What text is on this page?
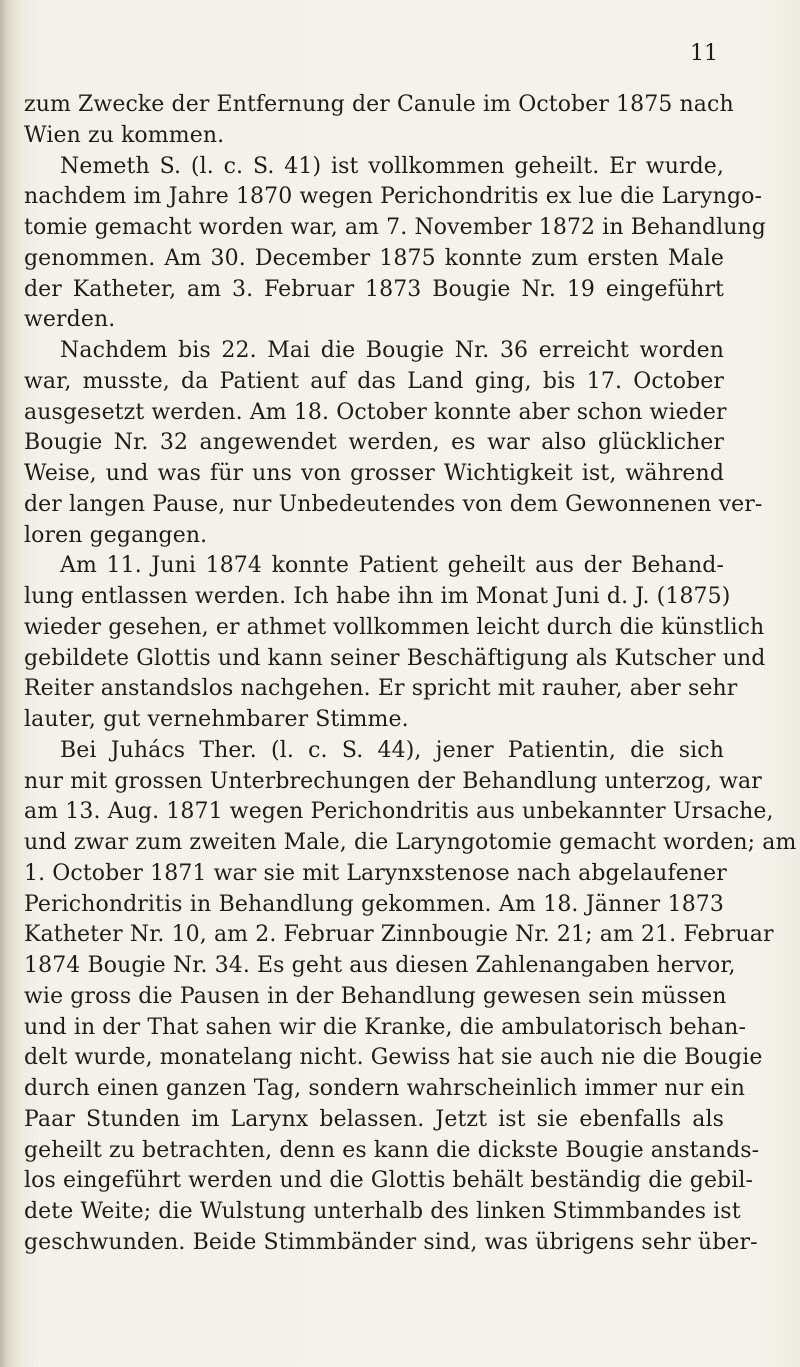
11
zum Zwecke der Entfernung der Canule im October 1875 nach
Wien zu kommen.
Nemeth S. (l. c. S. 41) ist vollkommen geheilt. Er wurde,
nachdem im Jahre 1870 wegen Perichondritis ex lue die Laryngo-
tomie gemacht worden war, am 7. November 1872 in Behandlung
genommen. Am 30. December 1875 konnte zum ersten Male
der Katheter, am 3. Februar 1873 Bougie Nr. 19 eingeführt
werden.
Nachdem bis 22. Mai die Bougie Nr. 36 erreicht worden
war, musste, da Patient auf das Land ging, bis 17. October
ausgesetzt werden. Am 18. October konnte aber schon wieder
Bougie Nr. 32 angewendet werden, es war also glücklicher
Weise, und was für uns von grosser Wichtigkeit ist, während
der langen Pause, nur Unbedeutendes von dem Gewonnenen ver-
loren gegangen.
Am 11. Juni 1874 konnte Patient geheilt aus der Behand-
lung entlassen werden. Ich habe ihn im Monat Juni d. J. (1875)
wieder gesehen, er athmet vollkommen leicht durch die künstlich
gebildete Glottis und kann seiner Beschäftigung als Kutscher und
Reiter anstandslos nachgehen. Er spricht mit rauher, aber sehr
lauter, gut vernehmbarer Stimme.
Bei Juhács Ther. (l. c. S. 44), jener Patientin, die sich
nur mit grossen Unterbrechungen der Behandlung unterzog, war
am 13. Aug. 1871 wegen Perichondritis aus unbekannter Ursache,
und zwar zum zweiten Male, die Laryngotomie gemacht worden; am
1. October 1871 war sie mit Larynxstenose nach abgelaufener
Perichondritis in Behandlung gekommen. Am 18. Jänner 1873
Katheter Nr. 10, am 2. Februar Zinnbougie Nr. 21; am 21. Februar
1874 Bougie Nr. 34. Es geht aus diesen Zahlenangaben hervor,
wie gross die Pausen in der Behandlung gewesen sein müssen
und in der That sahen wir die Kranke, die ambulatorisch behan-
delt wurde, monatelang nicht. Gewiss hat sie auch nie die Bougie
durch einen ganzen Tag, sondern wahrscheinlich immer nur ein
Paar Stunden im Larynx belassen. Jetzt ist sie ebenfalls als
geheilt zu betrachten, denn es kann die dickste Bougie anstands-
los eingeführt werden und die Glottis behält beständig die gebil-
dete Weite; die Wulstung unterhalb des linken Stimmbandes ist
geschwunden. Beide Stimmbänder sind, was übrigens sehr über-
